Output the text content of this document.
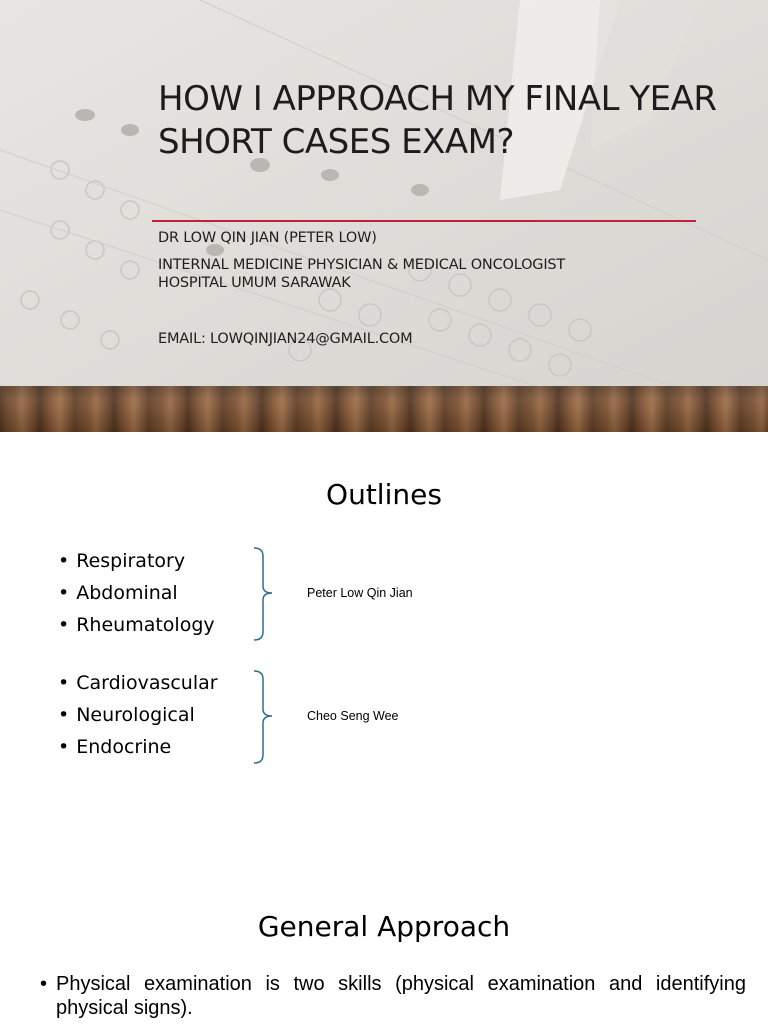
HOW I APPROACH MY FINAL YEAR SHORT CASES EXAM?
DR LOW QIN JIAN (PETER LOW)
INTERNAL MEDICINE PHYSICIAN & MEDICAL ONCOLOGIST
HOSPITAL UMUM SARAWAK
EMAIL: LOWQINJIAN24@GMAIL.COM
Outlines
• Respiratory
• Abdominal
• Rheumatology
Peter Low Qin Jian
• Cardiovascular
• Neurological
• Endocrine
Cheo Seng Wee
General Approach
• Physical examination is two skills (physical examination and identifying physical signs).
